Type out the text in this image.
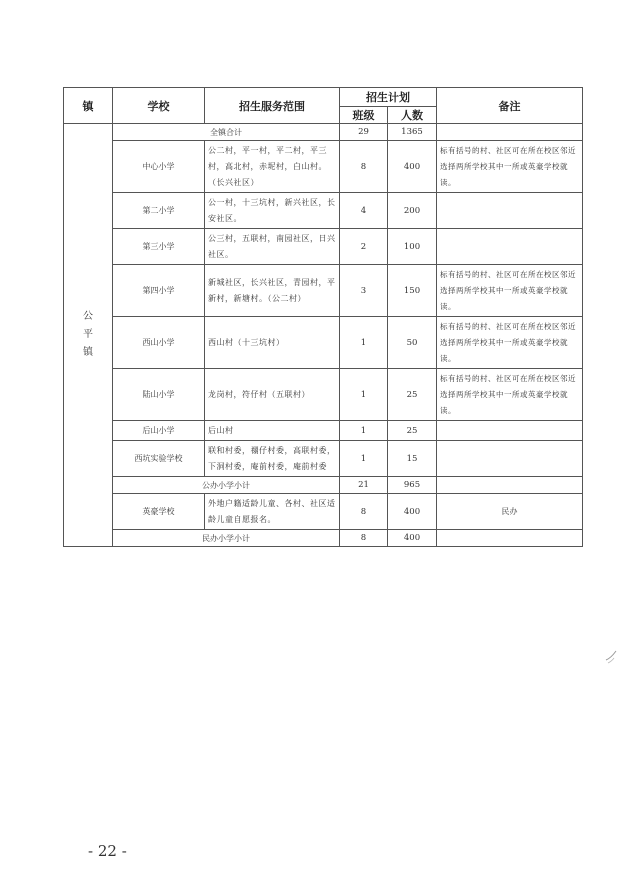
镇	学校	招生服务范围	招生计划		备注
			班级	人数	

公
平
镇	全镇合计		29	1365	
	中心小学	公二村，平一村，平二村，平三村，高北村，赤坭村，白山村。（长兴社区）	8	400	标有括号的村、社区可在所在校区邻近选择两所学校其中一所或英豪学校就读。
	第二小学	公一村，十三坑村，新兴社区，长安社区。	4	200	
	第三小学	公三村，五联村，南园社区，日兴社区。	2	100	
	第四小学	新城社区，长兴社区，青园村，平新村，新塘村。（公二村）	3	150	标有括号的村、社区可在所在校区邻近选择两所学校其中一所或英豪学校就读。
	西山小学	西山村（十三坑村）	1	50	标有括号的村、社区可在所在校区邻近选择两所学校其中一所或英豪学校就读。
	陆山小学	龙岗村，符仔村（五联村）	1	25	标有括号的村、社区可在所在校区邻近选择两所学校其中一所或英豪学校就读。
	后山小学	后山村	1	25	
	西坑实验学校	联和村委，禤仔村委，高联村委，下洞村委，庵前村委，庵前村委	1	15	
	公办小学小计		21	965	
	英豪学校	外地户籍适龄儿童、各村、社区适龄儿童自愿报名。	8	400	民办
	民办小学小计		8	400	
- 22 -
